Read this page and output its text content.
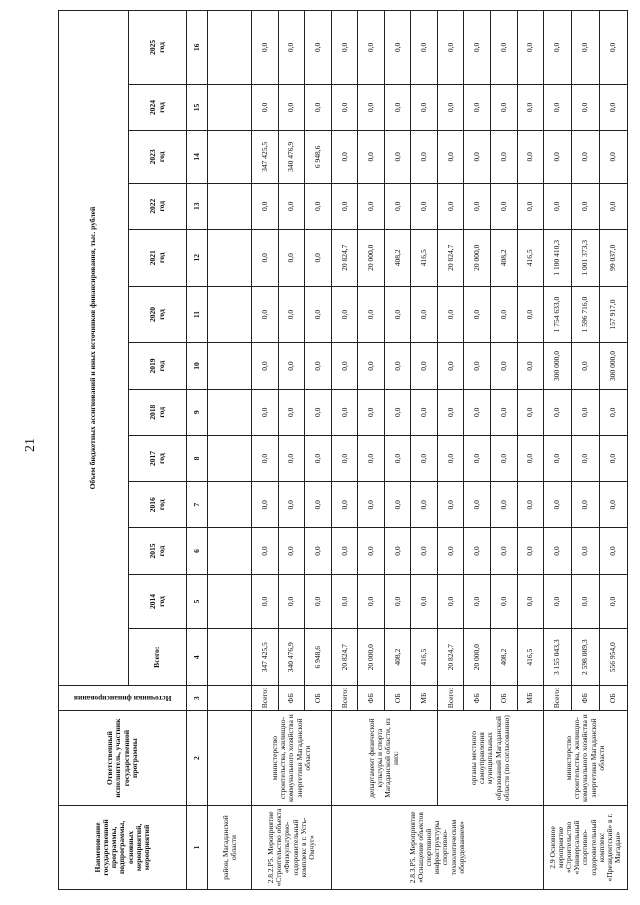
21
Наименование государственной программы, подпрограммы, основных мероприятий, мероприятий	Ответственный исполнитель, участник государственной программы	Источники финансирования	Объем бюджетных ассигнований и иных источников финансирования, тыс. рублей												
			Всего:	2014 год	2015 год	2016 год	2017 год	2018 год	2019 год	2020 год	2021 год	2022 год	2023 год	2024 год	2025 год

1	2	3	4	5	6	7	8	9	10	11	12	13	14	15	16
район, Магаданской области															
2.8.2.Р5. Мероприятие «Строительство объекта «Физкультурно-оздоровительный комплекс в г. Усть-Омчуг»	министерство строительства, жилищно-коммунального хозяйства и энергетики Магаданской области	Всего:	347 425,5	0,0	0,0	0,0	0,0	0,0	0,0	0,0	0,0	0,0	347 425,5	0,0	0,0
		ФБ	340 476,9	0,0	0,0	0,0	0,0	0,0	0,0	0,0	0,0	0,0	340 476,9	0,0	0,0
		ОБ	6 948,6	0,0	0,0	0,0	0,0	0,0	0,0	0,0	0,0	0,0	6 948,6	0,0	0,0
2.8.3.Р5. Мероприятие «Оснащение объектов спортивной инфраструктуры спортивно-технологическим оборудованием»	департамент физической культуры и спорта Магаданской области, из них:	Всего:	20 824,7	0,0	0,0	0,0	0,0	0,0	0,0	0,0	20 824,7	0,0	0,0	0,0	0,0
		ФБ	20 000,0	0,0	0,0	0,0	0,0	0,0	0,0	0,0	20 000,0	0,0	0,0	0,0	0,0
		ОБ	408,2	0,0	0,0	0,0	0,0	0,0	0,0	0,0	408,2	0,0	0,0	0,0	0,0
		МБ	416,5	0,0	0,0	0,0	0,0	0,0	0,0	0,0	416,5	0,0	0,0	0,0	0,0
	органы местного самоуправления муниципальных образований Магаданской области (по согласованию)	Всего:	20 824,7	0,0	0,0	0,0	0,0	0,0	0,0	0,0	20 824,7	0,0	0,0	0,0	0,0
		ФБ	20 000,0	0,0	0,0	0,0	0,0	0,0	0,0	0,0	20 000,0	0,0	0,0	0,0	0,0
		ОБ	408,2	0,0	0,0	0,0	0,0	0,0	0,0	0,0	408,2	0,0	0,0	0,0	0,0
		МБ	416,5	0,0	0,0	0,0	0,0	0,0	0,0	0,0	416,5	0,0	0,0	0,0	0,0
2.9 Основное мероприятие «Строительство «Универсальный спортивно-оздоровительный комплекс «Президентский» в г. Магадан»	министерство строительства, жилищно-коммунального хозяйства и энергетики Магаданской области	Всего:	3 155 043,3	0,0	0,0	0,0	0,0	0,0	300 000,0	1 754 633,0	1 100 410,3	0,0	0,0	0,0	0,0
		ФБ	2 598 089,3	0,0	0,0	0,0	0,0	0,0	0,0	1 596 716,0	1 001 373,3	0,0	0,0	0,0	0,0
		ОБ	556 954,0	0,0	0,0	0,0	0,0	0,0	300 000,0	157 917,0	99 037,0	0,0	0,0	0,0	0,0
